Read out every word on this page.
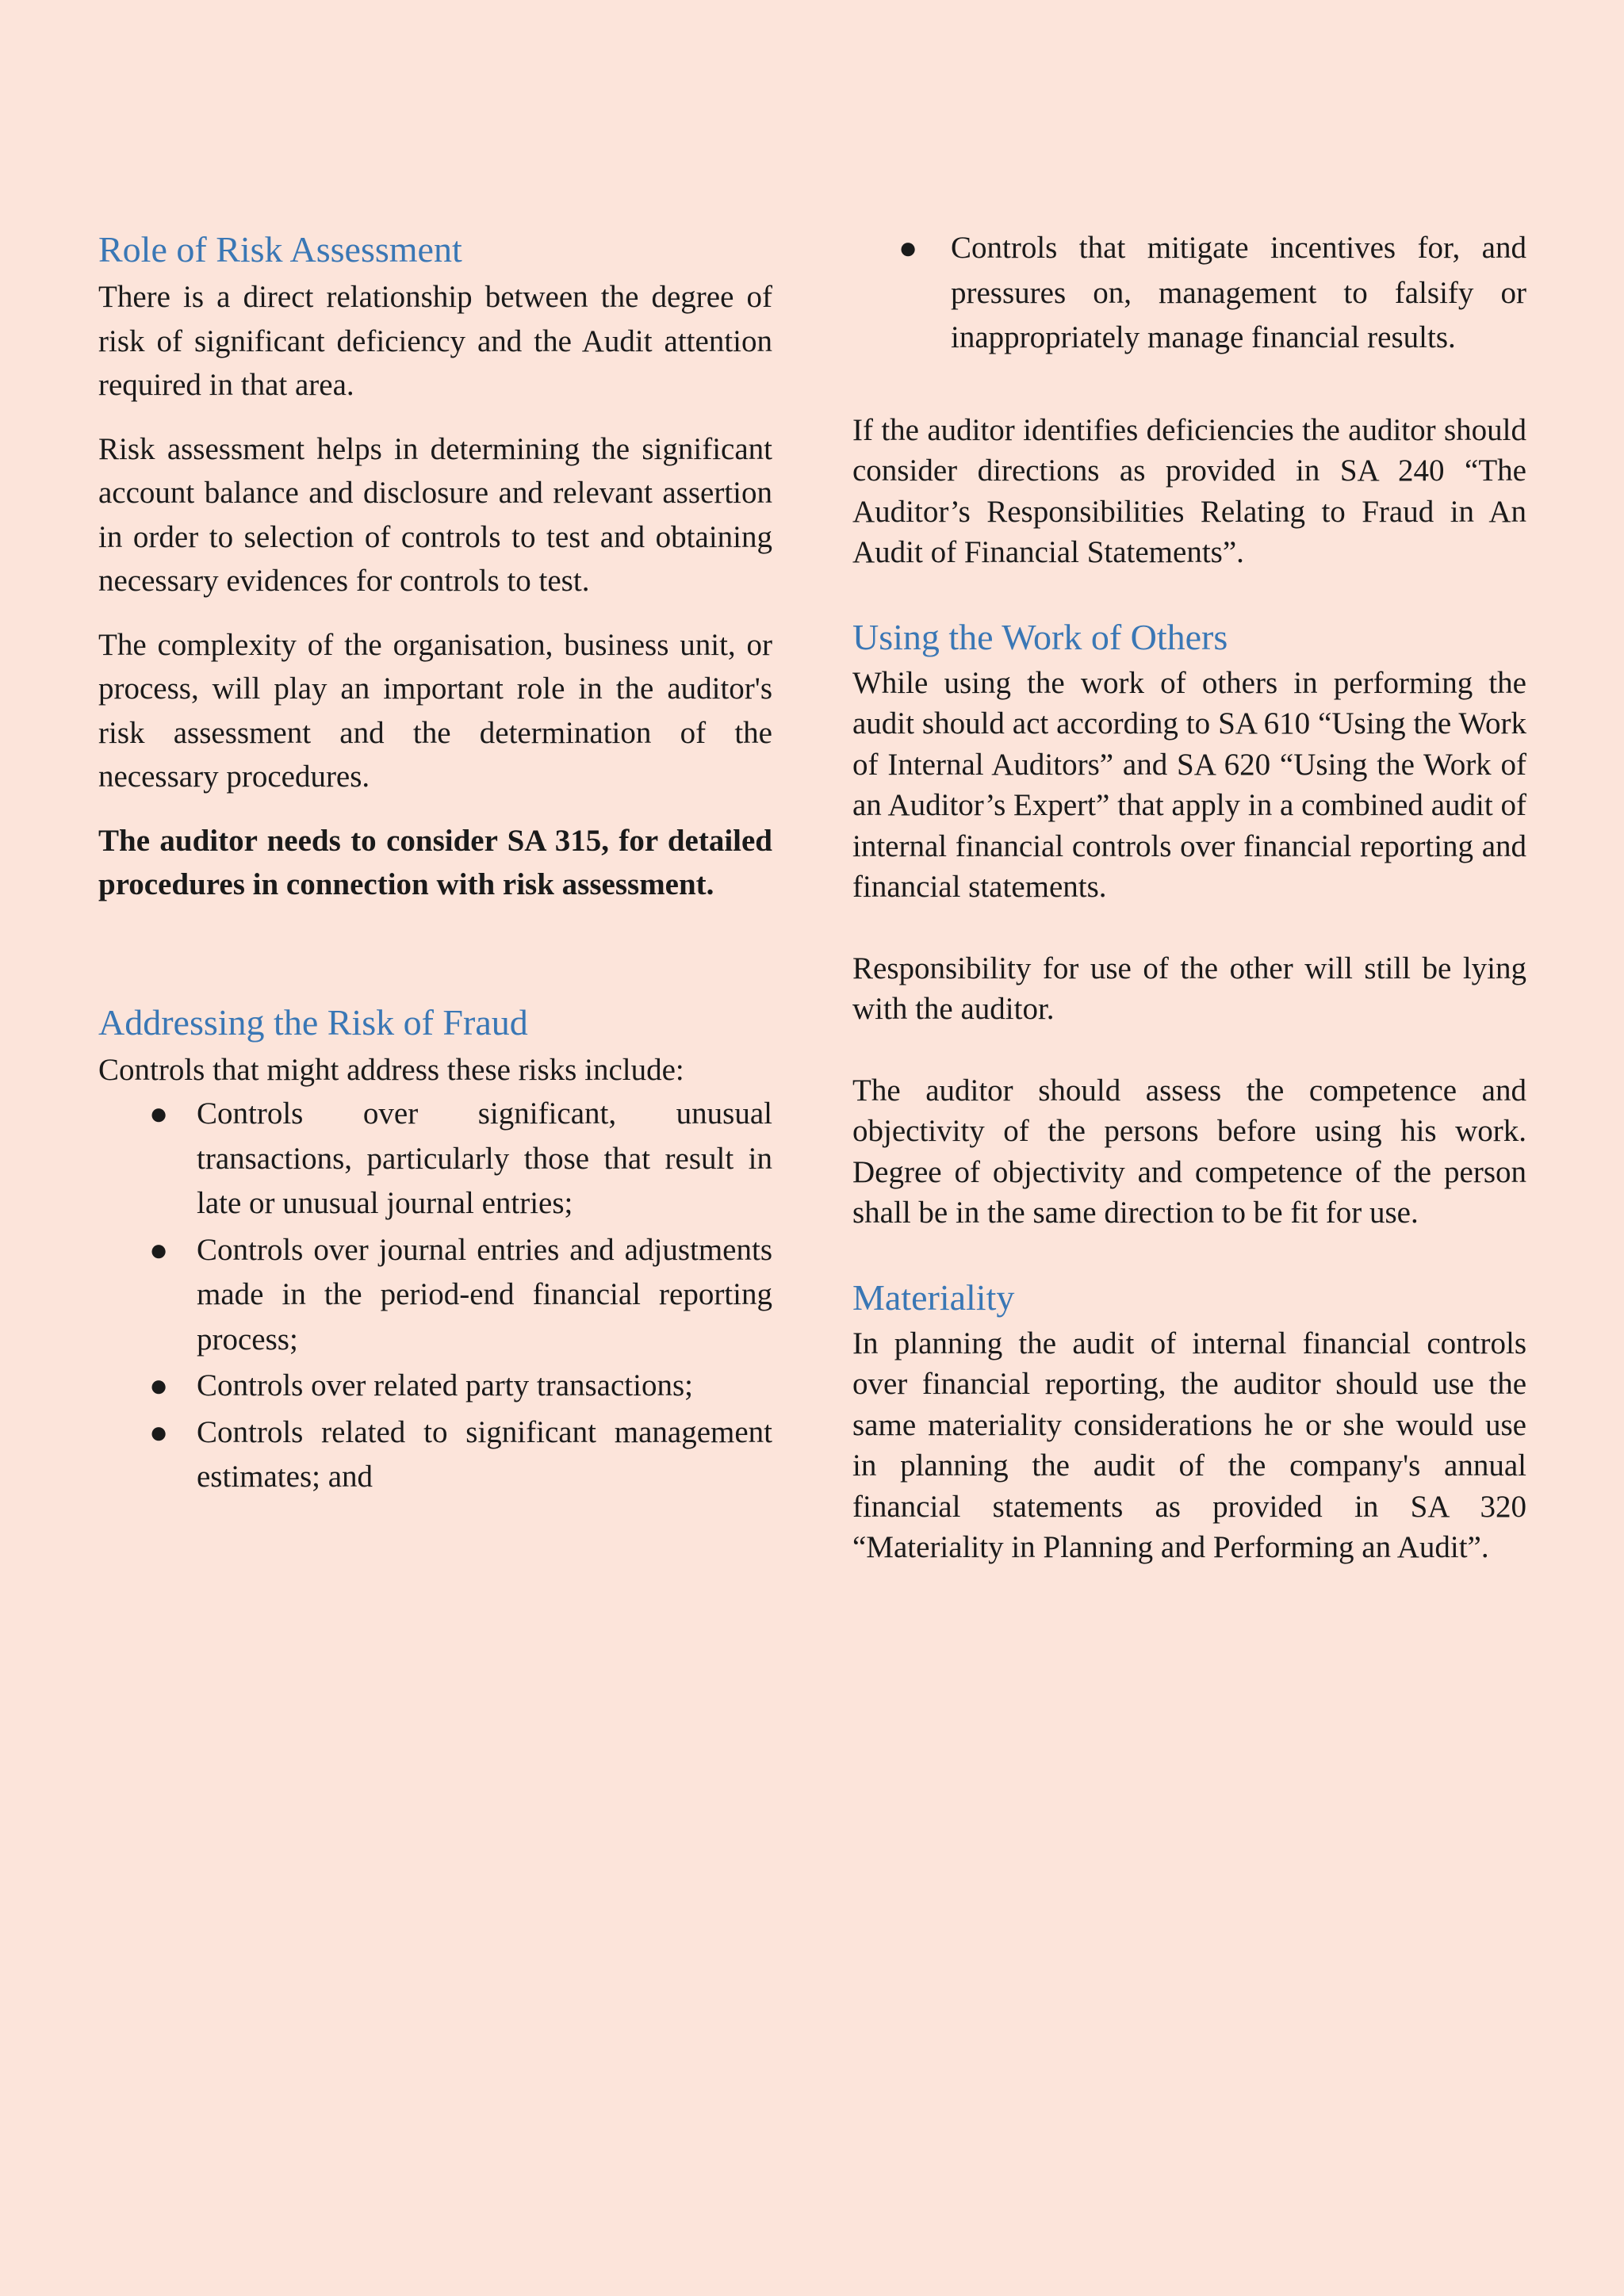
Role of Risk Assessment

There is a direct relationship between the degree of risk of significant deficiency and the Audit attention required in that area.

Risk assessment helps in determining the significant account balance and disclosure and relevant assertion in order to selection of controls to test and obtaining necessary evidences for controls to test.

The complexity of the organisation, business unit, or process, will play an important role in the auditor's risk assessment and the determination of the necessary procedures.

The auditor needs to consider SA 315, for detailed procedures in connection with risk assessment.

Addressing the Risk of Fraud

Controls that might address these risks include:

● Controls over significant, unusual transactions, particularly those that result in late or unusual journal entries;
● Controls over journal entries and adjustments made in the period-end financial reporting process;
● Controls over related party transactions;
● Controls related to significant management estimates; and
● Controls that mitigate incentives for, and pressures on, management to falsify or inappropriately manage financial results.

If the auditor identifies deficiencies the auditor should consider directions as provided in SA 240 “The Auditor’s Responsibilities Relating to Fraud in An Audit of Financial Statements”.

Using the Work of Others

While using the work of others in performing the audit should act according to SA 610 “Using the Work of Internal Auditors” and SA 620 “Using the Work of an Auditor’s Expert” that apply in a combined audit of internal financial controls over financial reporting and financial statements.

Responsibility for use of the other will still be lying with the auditor.

The auditor should assess the competence and objectivity of the persons before using his work. Degree of objectivity and competence of the person shall be in the same direction to be fit for use.

Materiality

In planning the audit of internal financial controls over financial reporting, the auditor should use the same materiality considerations he or she would use in planning the audit of the company's annual financial statements as provided in SA 320 “Materiality in Planning and Performing an Audit”.
